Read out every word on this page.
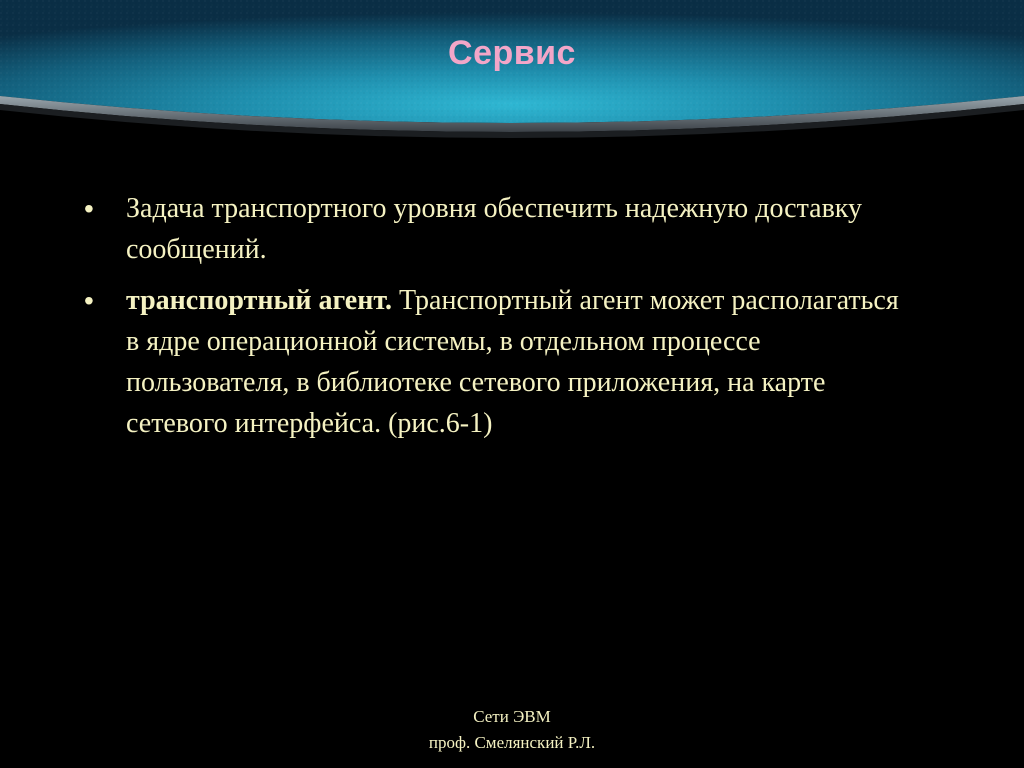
Сервис
•	Задача транспортного уровня обеспечить надежную доставку сообщений.
•	транспортный агент. Транспортный агент может располагаться в ядре операционной системы, в отдельном процессе пользователя, в библиотеке сетевого приложения, на карте сетевого интерфейса. (рис.6-1)
Сети ЭВМ
проф. Смелянский Р.Л.
